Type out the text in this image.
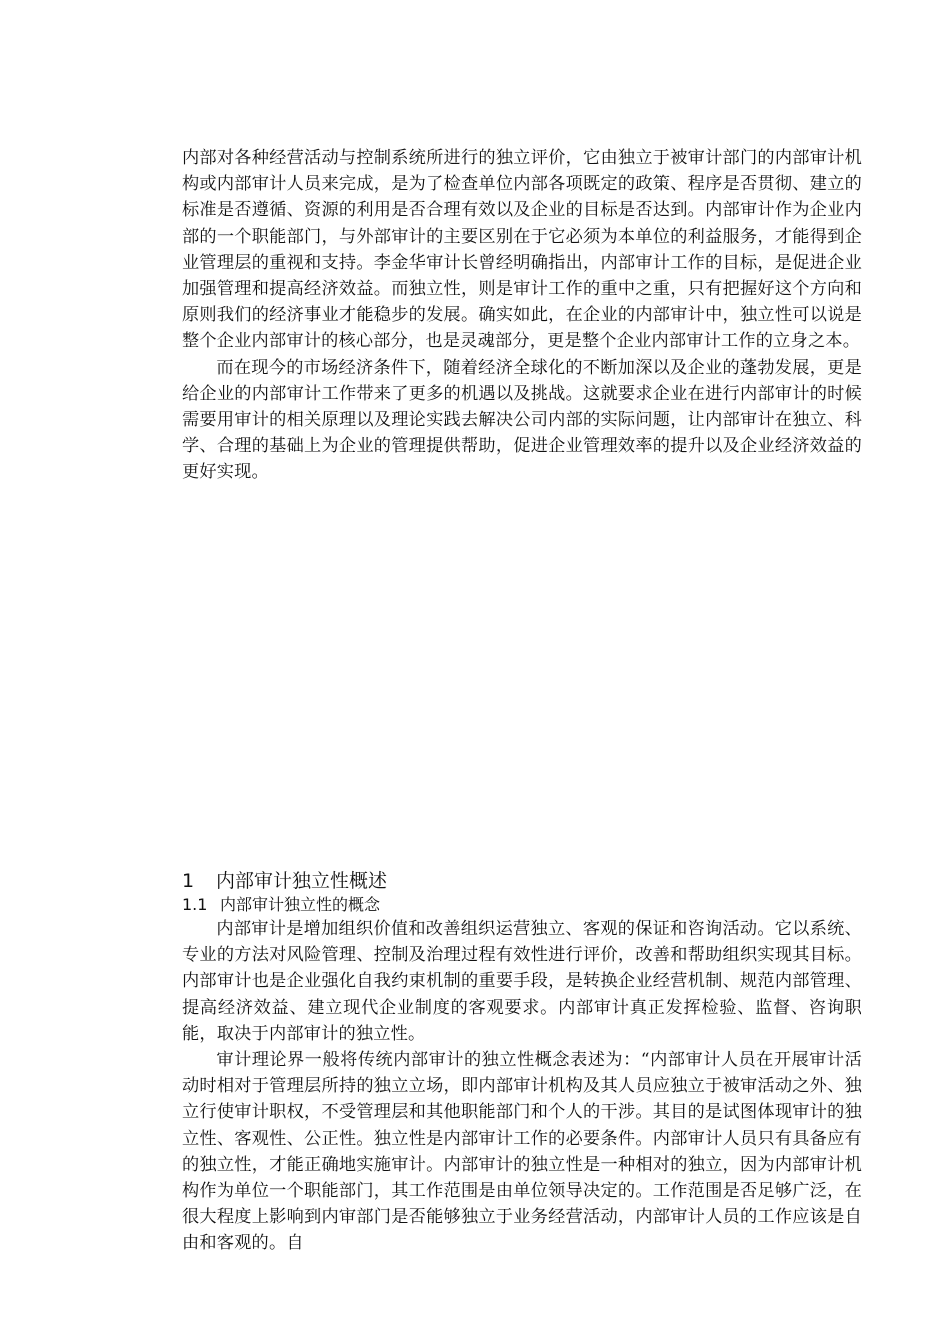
内部对各种经营活动与控制系统所进行的独立评价，它由独立于被审计部门的内部审计机构或内部审计人员来完成，是为了检查单位内部各项既定的政策、程序是否贯彻、建立的标准是否遵循、资源的利用是否合理有效以及企业的目标是否达到。内部审计作为企业内部的一个职能部门，与外部审计的主要区别在于它必须为本单位的利益服务，才能得到企业管理层的重视和支持。李金华审计长曾经明确指出，内部审计工作的目标，是促进企业加强管理和提高经济效益。而独立性，则是审计工作的重中之重，只有把握好这个方向和原则我们的经济事业才能稳步的发展。确实如此，在企业的内部审计中，独立性可以说是整个企业内部审计的核心部分，也是灵魂部分，更是整个企业内部审计工作的立身之本。

而在现今的市场经济条件下，随着经济全球化的不断加深以及企业的蓬勃发展，更是给企业的内部审计工作带来了更多的机遇以及挑战。这就要求企业在进行内部审计的时候需要用审计的相关原理以及理论实践去解决公司内部的实际问题，让内部审计在独立、科学、合理的基础上为企业的管理提供帮助，促进企业管理效率的提升以及企业经济效益的更好实现。

1	内部审计独立性概述
1.1 内部审计独立性的概念

内部审计是增加组织价值和改善组织运营独立、客观的保证和咨询活动。它以系统、专业的方法对风险管理、控制及治理过程有效性进行评价，改善和帮助组织实现其目标。内部审计也是企业强化自我约束机制的重要手段，是转换企业经营机制、规范内部管理、提高经济效益、建立现代企业制度的客观要求。内部审计真正发挥检验、监督、咨询职能，取决于内部审计的独立性。

审计理论界一般将传统内部审计的独立性概念表述为：“内部审计人员在开展审计活动时相对于管理层所持的独立立场，即内部审计机构及其人员应独立于被审活动之外、独立行使审计职权，不受管理层和其他职能部门和个人的干涉。其目的是试图体现审计的独立性、客观性、公正性。独立性是内部审计工作的必要条件。内部审计人员只有具备应有的独立性，才能正确地实施审计。内部审计的独立性是一种相对的独立，因为内部审计机构作为单位一个职能部门，其工作范围是由单位领导决定的。工作范围是否足够广泛，在很大程度上影响到内审部门是否能够独立于业务经营活动，内部审计人员的工作应该是自由和客观的。自
